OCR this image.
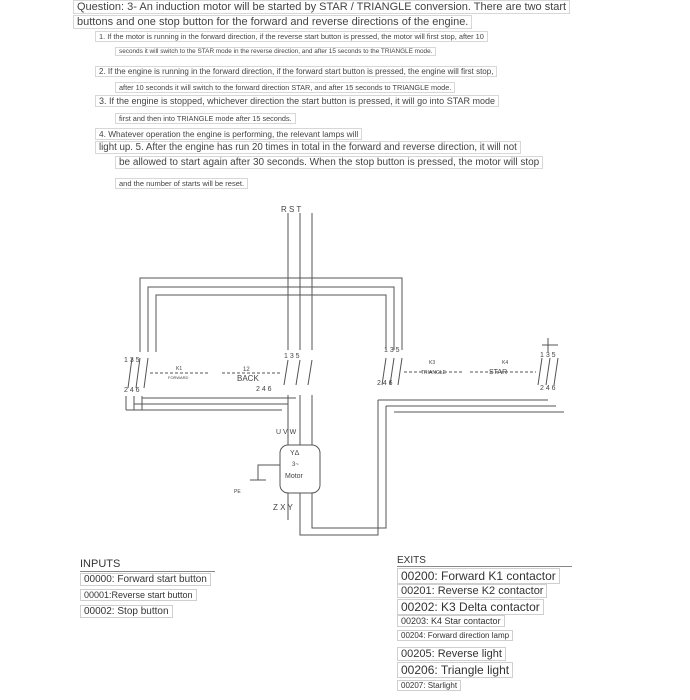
Question: 3- An induction motor will be started by STAR / TRIANGLE conversion. There are two start
buttons and one stop button for the forward and reverse directions of the engine.
1. If the motor is running in the forward direction, if the reverse start button is pressed, the motor will first stop, after 10
seconds it will switch to the STAR mode in the reverse direction, and after 15 seconds to the TRIANGLE mode.
2. If the engine is running in the forward direction, if the forward start button is pressed, the engine will first stop,
after 10 seconds it will switch to the forward direction STAR, and after 15 seconds to TRIANGLE mode.
3. If the engine is stopped, whichever direction the start button is pressed, it will go into STAR mode
first and then into TRIANGLE mode after 15 seconds.
4. Whatever operation the engine is performing, the relevant lamps will
light up. 5. After the engine has run 20 times in total in the forward and reverse direction, it will not
be allowed to start again after 30 seconds. When the stop button is pressed, the motor will stop
and the number of starts will be reset.
R S T
1 3 5
2 4 6
K1
FORWARD
12
BACK
1 3 5
2 4 6
1 3 5
2 4 6
K3
TRIANGLE
K4
STAR
1 3 5
2 4 6
U V W
YΔ
3~
Motor
Z X Y
PE
INPUTS
00000: Forward start button
00001:Reverse start button
00002: Stop button
EXITS
00200: Forward K1 contactor
00201: Reverse K2 contactor
00202: K3 Delta contactor
00203: K4 Star contactor
00204: Forward direction lamp
00205: Reverse light
00206: Triangle light
00207: Starlight
